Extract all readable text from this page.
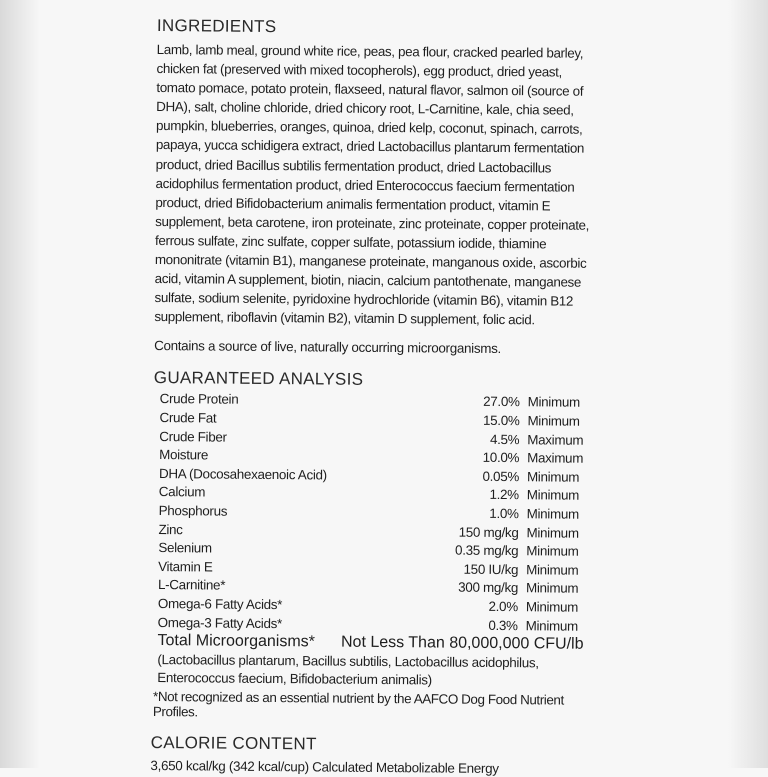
INGREDIENTS

Lamb, lamb meal, ground white rice, peas, pea flour, cracked pearled barley, chicken fat (preserved with mixed tocopherols), egg product, dried yeast, tomato pomace, potato protein, flaxseed, natural flavor, salmon oil (source of DHA), salt, choline chloride, dried chicory root, L-Carnitine, kale, chia seed, pumpkin, blueberries, oranges, quinoa, dried kelp, coconut, spinach, carrots, papaya, yucca schidigera extract, dried Lactobacillus plantarum fermentation product, dried Bacillus subtilis fermentation product, dried Lactobacillus acidophilus fermentation product, dried Enterococcus faecium fermentation product, dried Bifidobacterium animalis fermentation product, vitamin E supplement, beta carotene, iron proteinate, zinc proteinate, copper proteinate, ferrous sulfate, zinc sulfate, copper sulfate, potassium iodide, thiamine mononitrate (vitamin B1), manganese proteinate, manganous oxide, ascorbic acid, vitamin A supplement, biotin, niacin, calcium pantothenate, manganese sulfate, sodium selenite, pyridoxine hydrochloride (vitamin B6), vitamin B12 supplement, riboflavin (vitamin B2), vitamin D supplement, folic acid.

Contains a source of live, naturally occurring microorganisms.

GUARANTEED ANALYSIS
Crude Protein	27.0% Minimum
Crude Fat	15.0% Minimum
Crude Fiber	4.5% Maximum
Moisture	10.0% Maximum
DHA (Docosahexaenoic Acid)	0.05% Minimum
Calcium	1.2% Minimum
Phosphorus	1.0% Minimum
Zinc	150 mg/kg Minimum
Selenium	0.35 mg/kg Minimum
Vitamin E	150 IU/kg Minimum
L-Carnitine*	300 mg/kg Minimum
Omega-6 Fatty Acids*	2.0% Minimum
Omega-3 Fatty Acids*	0.3% Minimum
Total Microorganisms* Not Less Than 80,000,000 CFU/lb
(Lactobacillus plantarum, Bacillus subtilis, Lactobacillus acidophilus,
Enterococcus faecium, Bifidobacterium animalis)

*Not recognized as an essential nutrient by the AAFCO Dog Food Nutrient Profiles.

CALORIE CONTENT

3,650 kcal/kg (342 kcal/cup) Calculated Metabolizable Energy
